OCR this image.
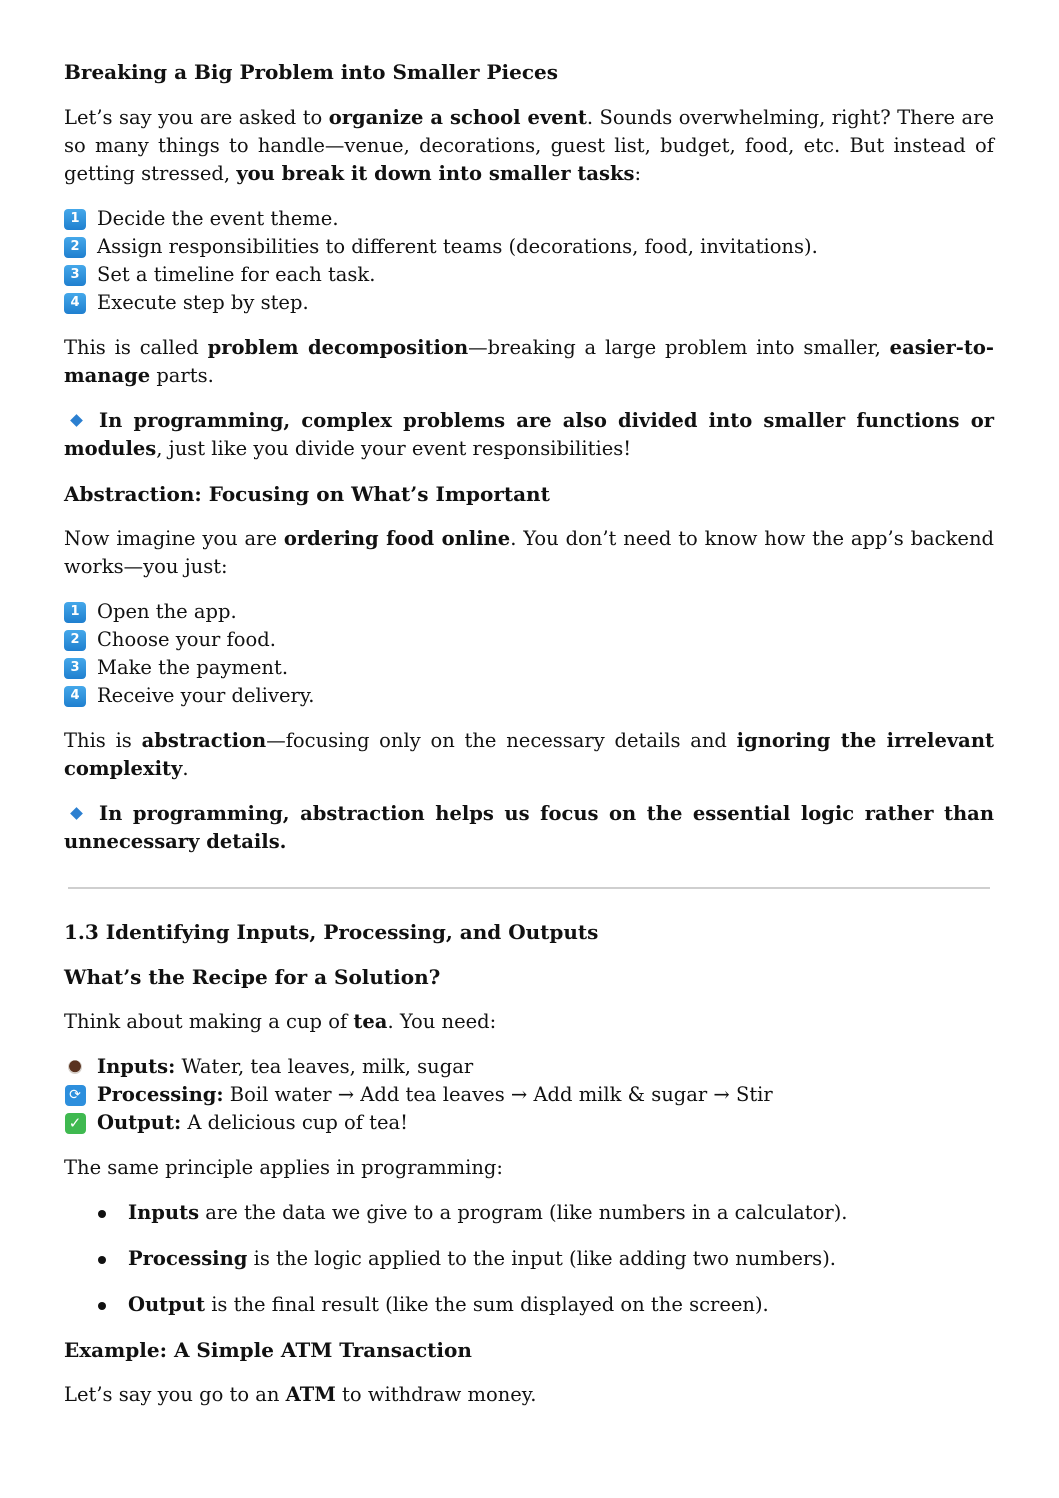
Breaking a Big Problem into Smaller Pieces

Let’s say you are asked to organize a school event. Sounds overwhelming, right? There are so many things to handle—venue, decorations, guest list, budget, food, etc. But instead of getting stressed, you break it down into smaller tasks:

1 Decide the event theme.
2 Assign responsibilities to different teams (decorations, food, invitations).
3 Set a timeline for each task.
4 Execute step by step.

This is called problem decomposition—breaking a large problem into smaller, easier-to-manage parts.

In programming, complex problems are also divided into smaller functions or modules, just like you divide your event responsibilities!

Abstraction: Focusing on What’s Important

Now imagine you are ordering food online. You don’t need to know how the app’s backend works—you just:

1 Open the app.
2 Choose your food.
3 Make the payment.
4 Receive your delivery.

This is abstraction—focusing only on the necessary details and ignoring the irrelevant complexity.

In programming, abstraction helps us focus on the essential logic rather than unnecessary details.

1.3 Identifying Inputs, Processing, and Outputs
What’s the Recipe for a Solution?

Think about making a cup of tea. You need:

Inputs: Water, tea leaves, milk, sugar
⟳ Processing: Boil water → Add tea leaves → Add milk & sugar → Stir
✓ Output: A delicious cup of tea!

The same principle applies in programming:

Inputs are the data we give to a program (like numbers in a calculator).
Processing is the logic applied to the input (like adding two numbers).
Output is the final result (like the sum displayed on the screen).
Example: A Simple ATM Transaction

Let’s say you go to an ATM to withdraw money.
